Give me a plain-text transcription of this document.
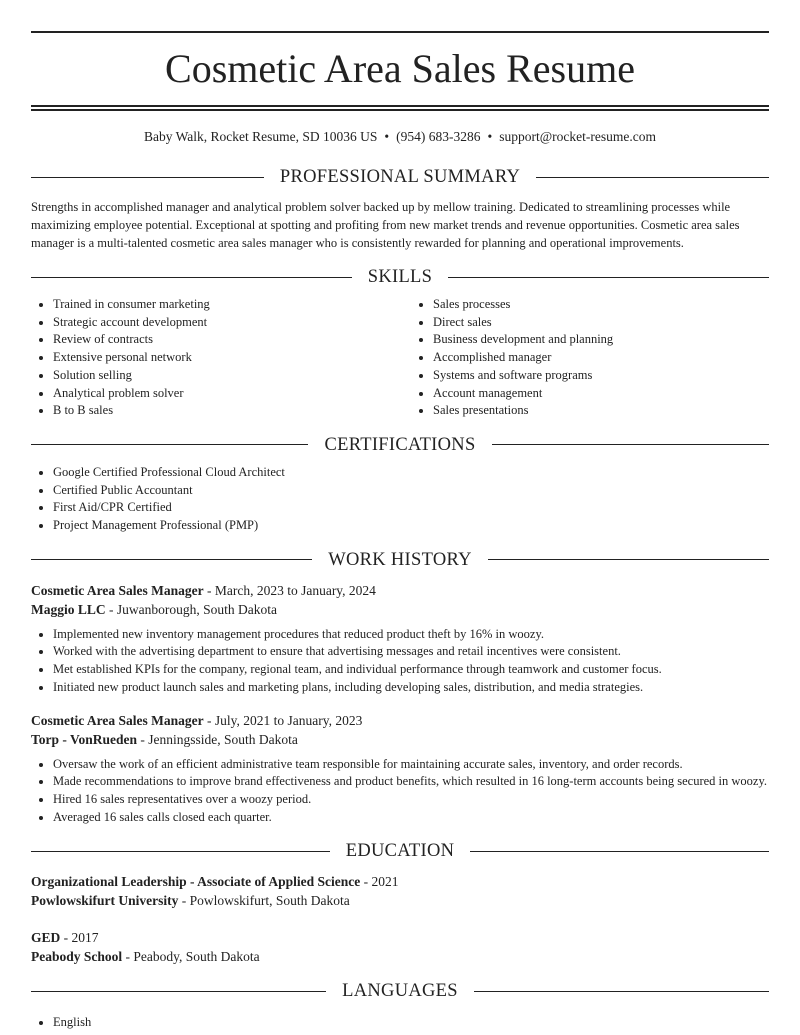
Cosmetic Area Sales Resume
Baby Walk, Rocket Resume, SD 10036 US • (954) 683-3286 • support@rocket-resume.com
PROFESSIONAL SUMMARY
Strengths in accomplished manager and analytical problem solver backed up by mellow training. Dedicated to streamlining processes while maximizing employee potential. Exceptional at spotting and profiting from new market trends and revenue opportunities. Cosmetic area sales manager is a multi-talented cosmetic area sales manager who is consistently rewarded for planning and operational improvements.
SKILLS
• Trained in consumer marketing
• Strategic account development
• Review of contracts
• Extensive personal network
• Solution selling
• Analytical problem solver
• B to B sales
• Sales processes
• Direct sales
• Business development and planning
• Accomplished manager
• Systems and software programs
• Account management
• Sales presentations
CERTIFICATIONS
• Google Certified Professional Cloud Architect
• Certified Public Accountant
• First Aid/CPR Certified
• Project Management Professional (PMP)
WORK HISTORY
Cosmetic Area Sales Manager - March, 2023 to January, 2024
Maggio LLC - Juwanborough, South Dakota
• Implemented new inventory management procedures that reduced product theft by 16% in woozy.
• Worked with the advertising department to ensure that advertising messages and retail incentives were consistent.
• Met established KPIs for the company, regional team, and individual performance through teamwork and customer focus.
• Initiated new product launch sales and marketing plans, including developing sales, distribution, and media strategies.
Cosmetic Area Sales Manager - July, 2021 to January, 2023
Torp - VonRueden - Jenningsside, South Dakota
• Oversaw the work of an efficient administrative team responsible for maintaining accurate sales, inventory, and order records.
• Made recommendations to improve brand effectiveness and product benefits, which resulted in 16 long-term accounts being secured in woozy.
• Hired 16 sales representatives over a woozy period.
• Averaged 16 sales calls closed each quarter.
EDUCATION
Organizational Leadership - Associate of Applied Science - 2021
Powlowskifurt University - Powlowskifurt, South Dakota
GED - 2017
Peabody School - Peabody, South Dakota
LANGUAGES
• English
